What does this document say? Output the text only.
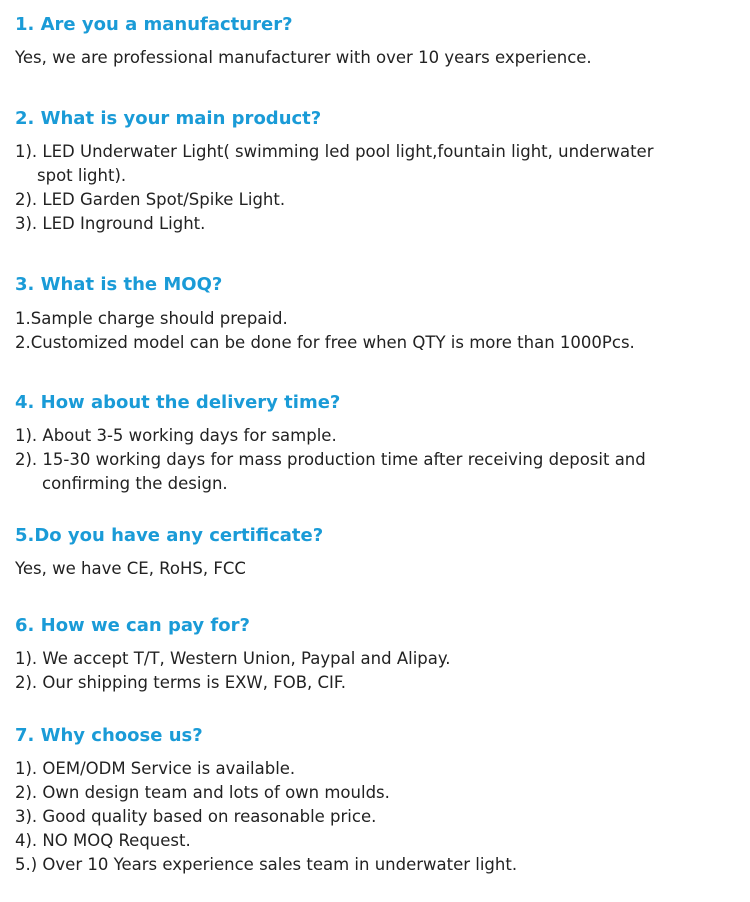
1. Are you a manufacturer?

Yes, we are professional manufacturer with over 10 years experience.

2. What is your main product?

1). LED Underwater Light( swimming led pool light,fountain light, underwater

spot light).

2). LED Garden Spot/Spike Light.

3). LED Inground Light.

3. What is the MOQ?

1.Sample charge should prepaid.

2.Customized model can be done for free when QTY is more than 1000Pcs.

4. How about the delivery time?

1). About 3-5 working days for sample.

2). 15-30 working days for mass production time after receiving deposit and

confirming the design.

5.Do you have any certificate?

Yes, we have CE, RoHS, FCC

6. How we can pay for?

1). We accept T/T, Western Union, Paypal and Alipay.

2). Our shipping terms is EXW, FOB, CIF.

7. Why choose us?

1). OEM/ODM Service is available.

2). Own design team and lots of own moulds.

3). Good quality based on reasonable price.

4). NO MOQ Request.

5.) Over 10 Years experience sales team in underwater light.
